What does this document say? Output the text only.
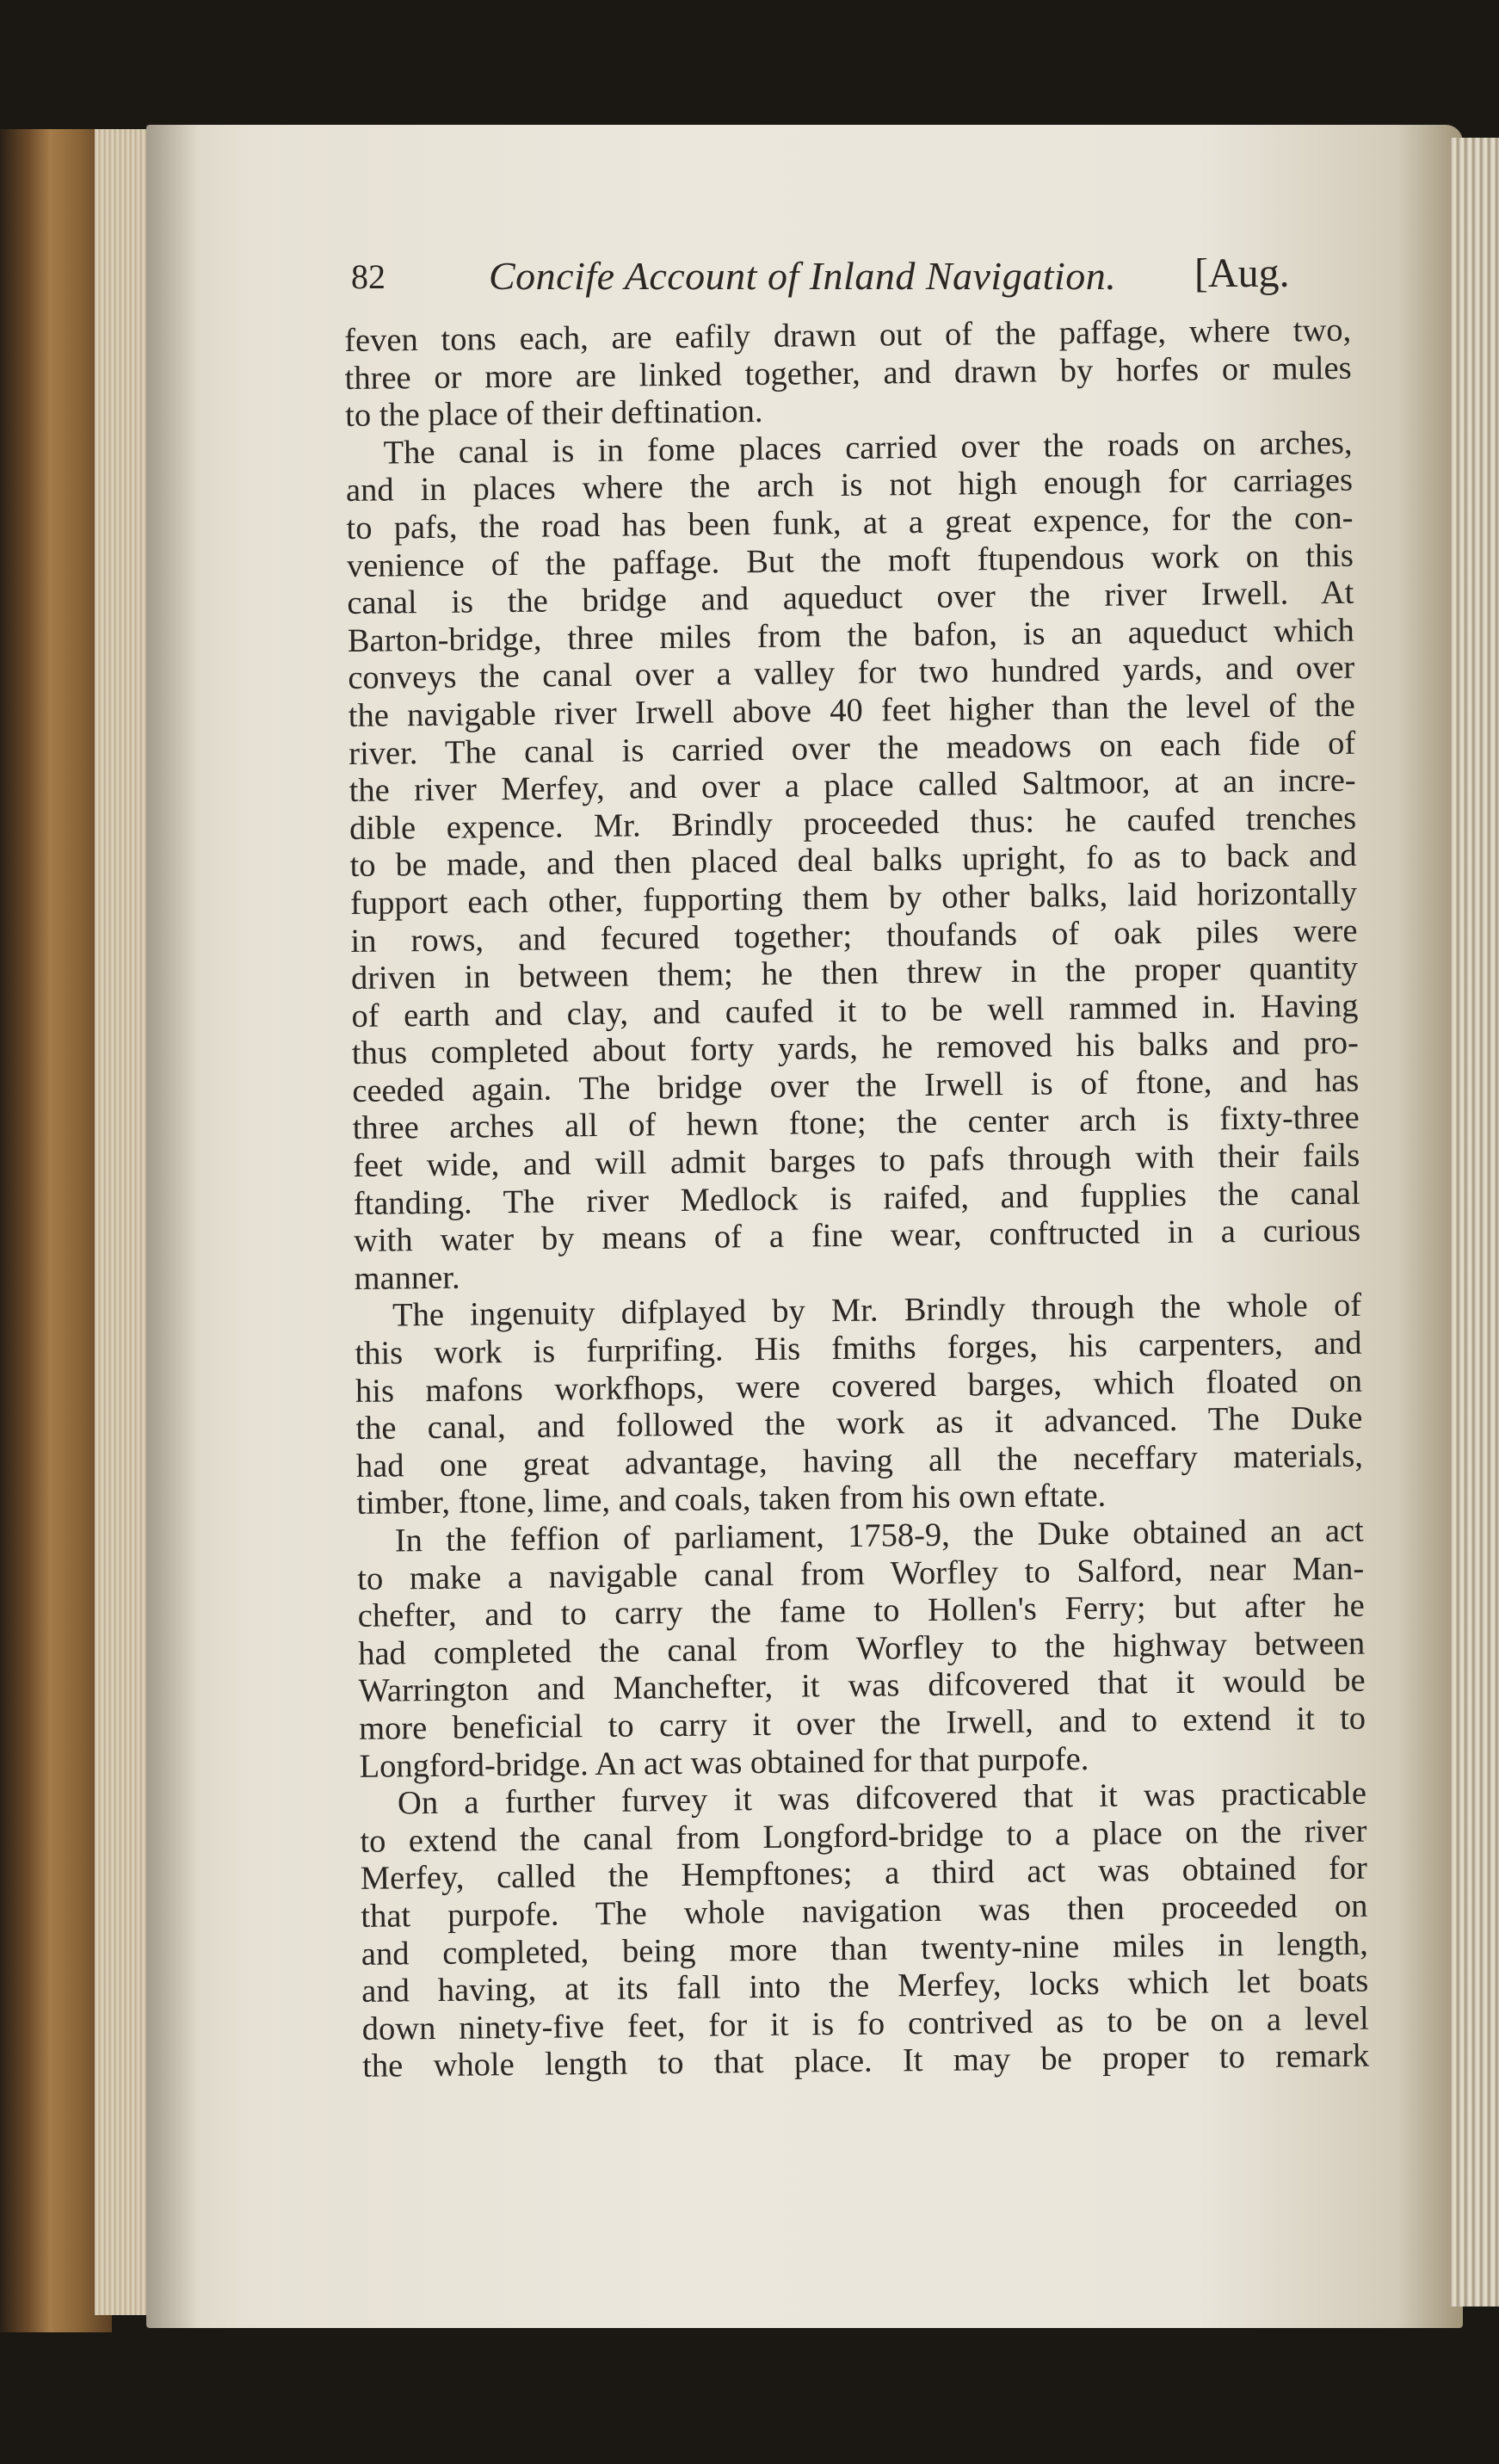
82	Concife Account of Inland Navigation. [Aug.
feven tons each, are eafily drawn out of the paffage, where two,
three or more are linked together, and drawn by horfes or mules
to the place of their deftination.
The canal is in fome places carried over the roads on arches,
and in places where the arch is not high enough for carriages
to pafs, the road has been funk, at a great expence, for the con-
venience of the paffage. But the moft ftupendous work on this
canal is the bridge and aqueduct over the river Irwell. At
Barton-bridge, three miles from the bafon, is an aqueduct which
conveys the canal over a valley for two hundred yards, and over
the navigable river Irwell above 40 feet higher than the level of the
river. The canal is carried over the meadows on each fide of
the river Merfey, and over a place called Saltmoor, at an incre-
dible expence. Mr. Brindly proceeded thus: he caufed trenches
to be made, and then placed deal balks upright, fo as to back and
fupport each other, fupporting them by other balks, laid horizontally
in rows, and fecured together; thoufands of oak piles were
driven in between them; he then threw in the proper quantity
of earth and clay, and caufed it to be well rammed in. Having
thus completed about forty yards, he removed his balks and pro-
ceeded again. The bridge over the Irwell is of ftone, and has
three arches all of hewn ftone; the center arch is fixty-three
feet wide, and will admit barges to pafs through with their fails
ftanding. The river Medlock is raifed, and fupplies the canal
with water by means of a fine wear, conftructed in a curious
manner.
The ingenuity difplayed by Mr. Brindly through the whole of
this work is furprifing. His fmiths forges, his carpenters, and
his mafons workfhops, were covered barges, which floated on
the canal, and followed the work as it advanced. The Duke
had one great advantage, having all the neceffary materials,
timber, ftone, lime, and coals, taken from his own eftate.
In the feffion of parliament, 1758-9, the Duke obtained an act
to make a navigable canal from Worfley to Salford, near Man-
chefter, and to carry the fame to Hollen's Ferry; but after he
had completed the canal from Worfley to the highway between
Warrington and Manchefter, it was difcovered that it would be
more beneficial to carry it over the Irwell, and to extend it to
Longford-bridge. An act was obtained for that purpofe.
On a further furvey it was difcovered that it was practicable
to extend the canal from Longford-bridge to a place on the river
Merfey, called the Hempftones; a third act was obtained for
that purpofe. The whole navigation was then proceeded on
and completed, being more than twenty-nine miles in length,
and having, at its fall into the Merfey, locks which let boats
down ninety-five feet, for it is fo contrived as to be on a level
the whole length to that place. It may be proper to remark
